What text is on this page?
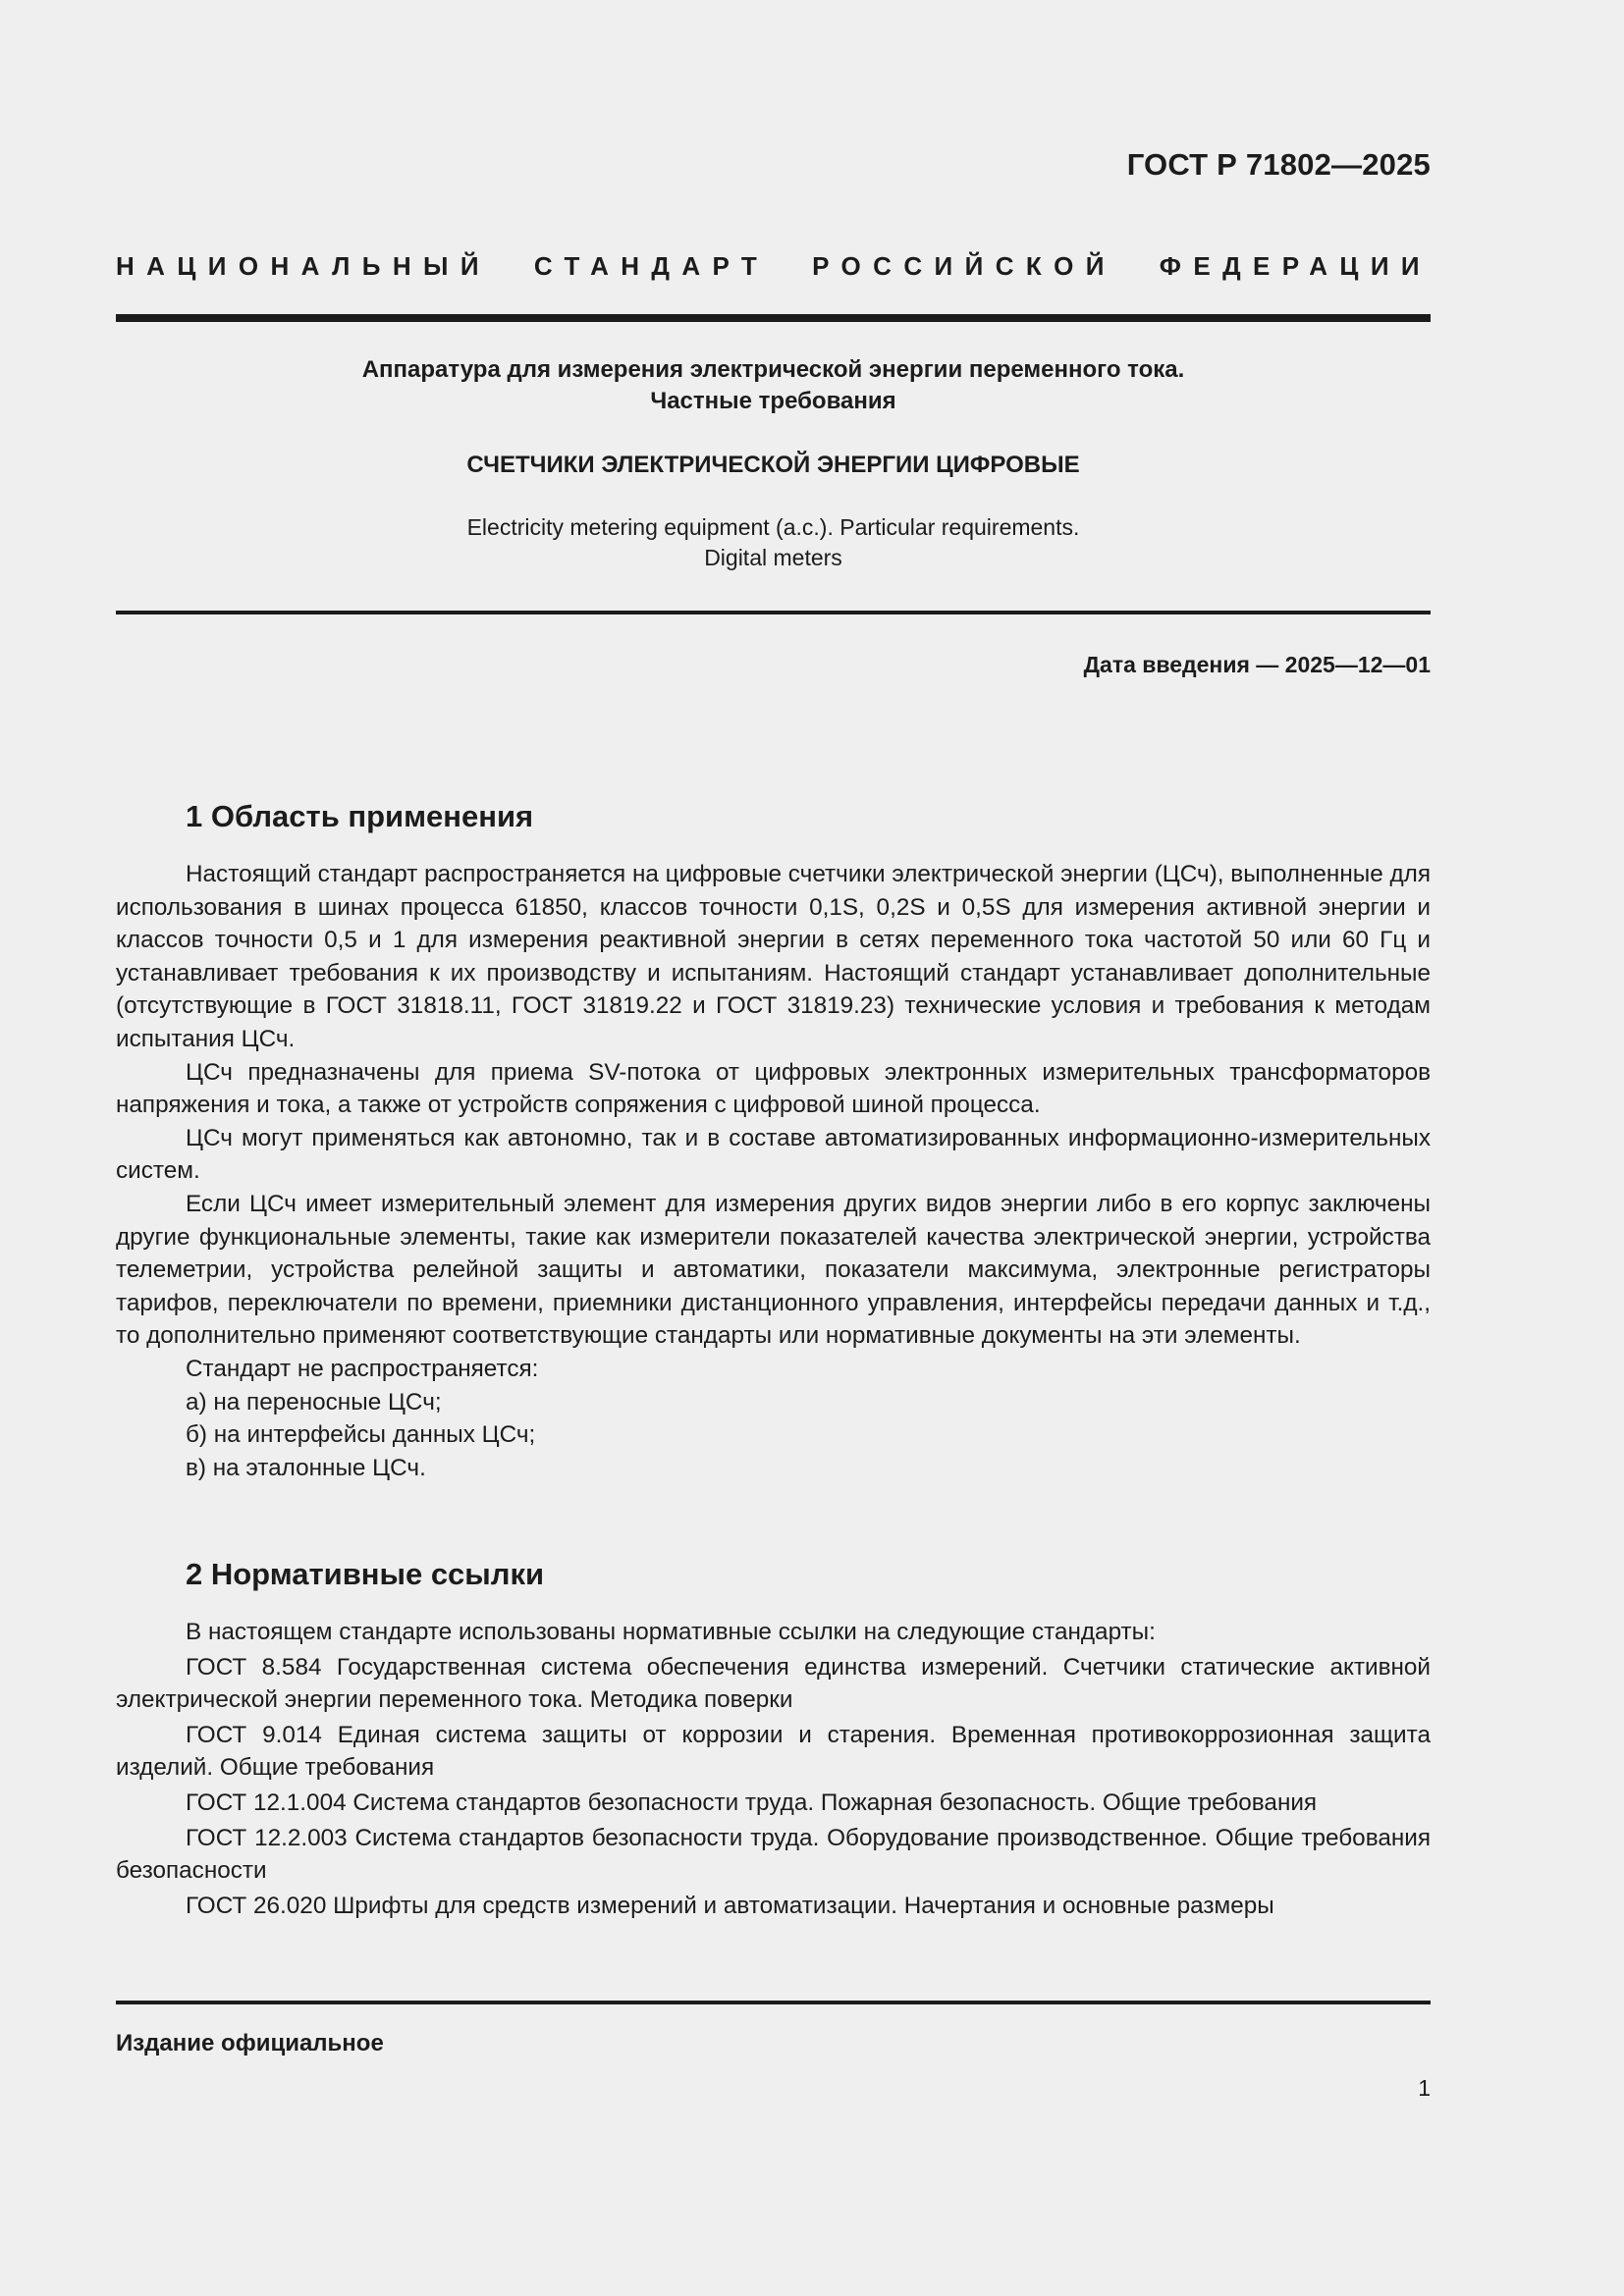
ГОСТ Р 71802—2025
НАЦИОНАЛЬНЫЙ СТАНДАРТ РОССИЙСКОЙ ФЕДЕРАЦИИ
Аппаратура для измерения электрической энергии переменного тока.
Частные требования
СЧЕТЧИКИ ЭЛЕКТРИЧЕСКОЙ ЭНЕРГИИ ЦИФРОВЫЕ
Electricity metering equipment (a.c.). Particular requirements.
Digital meters
Дата введения — 2025—12—01
1 Область применения

Настоящий стандарт распространяется на цифровые счетчики электрической энергии (ЦСч), выполненные для использования в шинах процесса 61850, классов точности 0,1S, 0,2S и 0,5S для измерения активной энергии и классов точности 0,5 и 1 для измерения реактивной энергии в сетях переменного тока частотой 50 или 60 Гц и устанавливает требования к их производству и испытаниям. Настоящий стандарт устанавливает дополнительные (отсутствующие в ГОСТ 31818.11, ГОСТ 31819.22 и ГОСТ 31819.23) технические условия и требования к методам испытания ЦСч.

ЦСч предназначены для приема SV-потока от цифровых электронных измерительных трансформаторов напряжения и тока, а также от устройств сопряжения с цифровой шиной процесса.

ЦСч могут применяться как автономно, так и в составе автоматизированных информационно-измерительных систем.

Если ЦСч имеет измерительный элемент для измерения других видов энергии либо в его корпус заключены другие функциональные элементы, такие как измерители показателей качества электрической энергии, устройства телеметрии, устройства релейной защиты и автоматики, показатели максимума, электронные регистраторы тарифов, переключатели по времени, приемники дистанционного управления, интерфейсы передачи данных и т.д., то дополнительно применяют соответствующие стандарты или нормативные документы на эти элементы.

Стандарт не распространяется:

а) на переносные ЦСч;

б) на интерфейсы данных ЦСч;

в) на эталонные ЦСч.

2 Нормативные ссылки

В настоящем стандарте использованы нормативные ссылки на следующие стандарты:

ГОСТ 8.584 Государственная система обеспечения единства измерений. Счетчики статические активной электрической энергии переменного тока. Методика поверки

ГОСТ 9.014 Единая система защиты от коррозии и старения. Временная противокоррозионная защита изделий. Общие требования

ГОСТ 12.1.004 Система стандартов безопасности труда. Пожарная безопасность. Общие требования

ГОСТ 12.2.003 Система стандартов безопасности труда. Оборудование производственное. Общие требования безопасности

ГОСТ 26.020 Шрифты для средств измерений и автоматизации. Начертания и основные размеры

Издание официальное
1
